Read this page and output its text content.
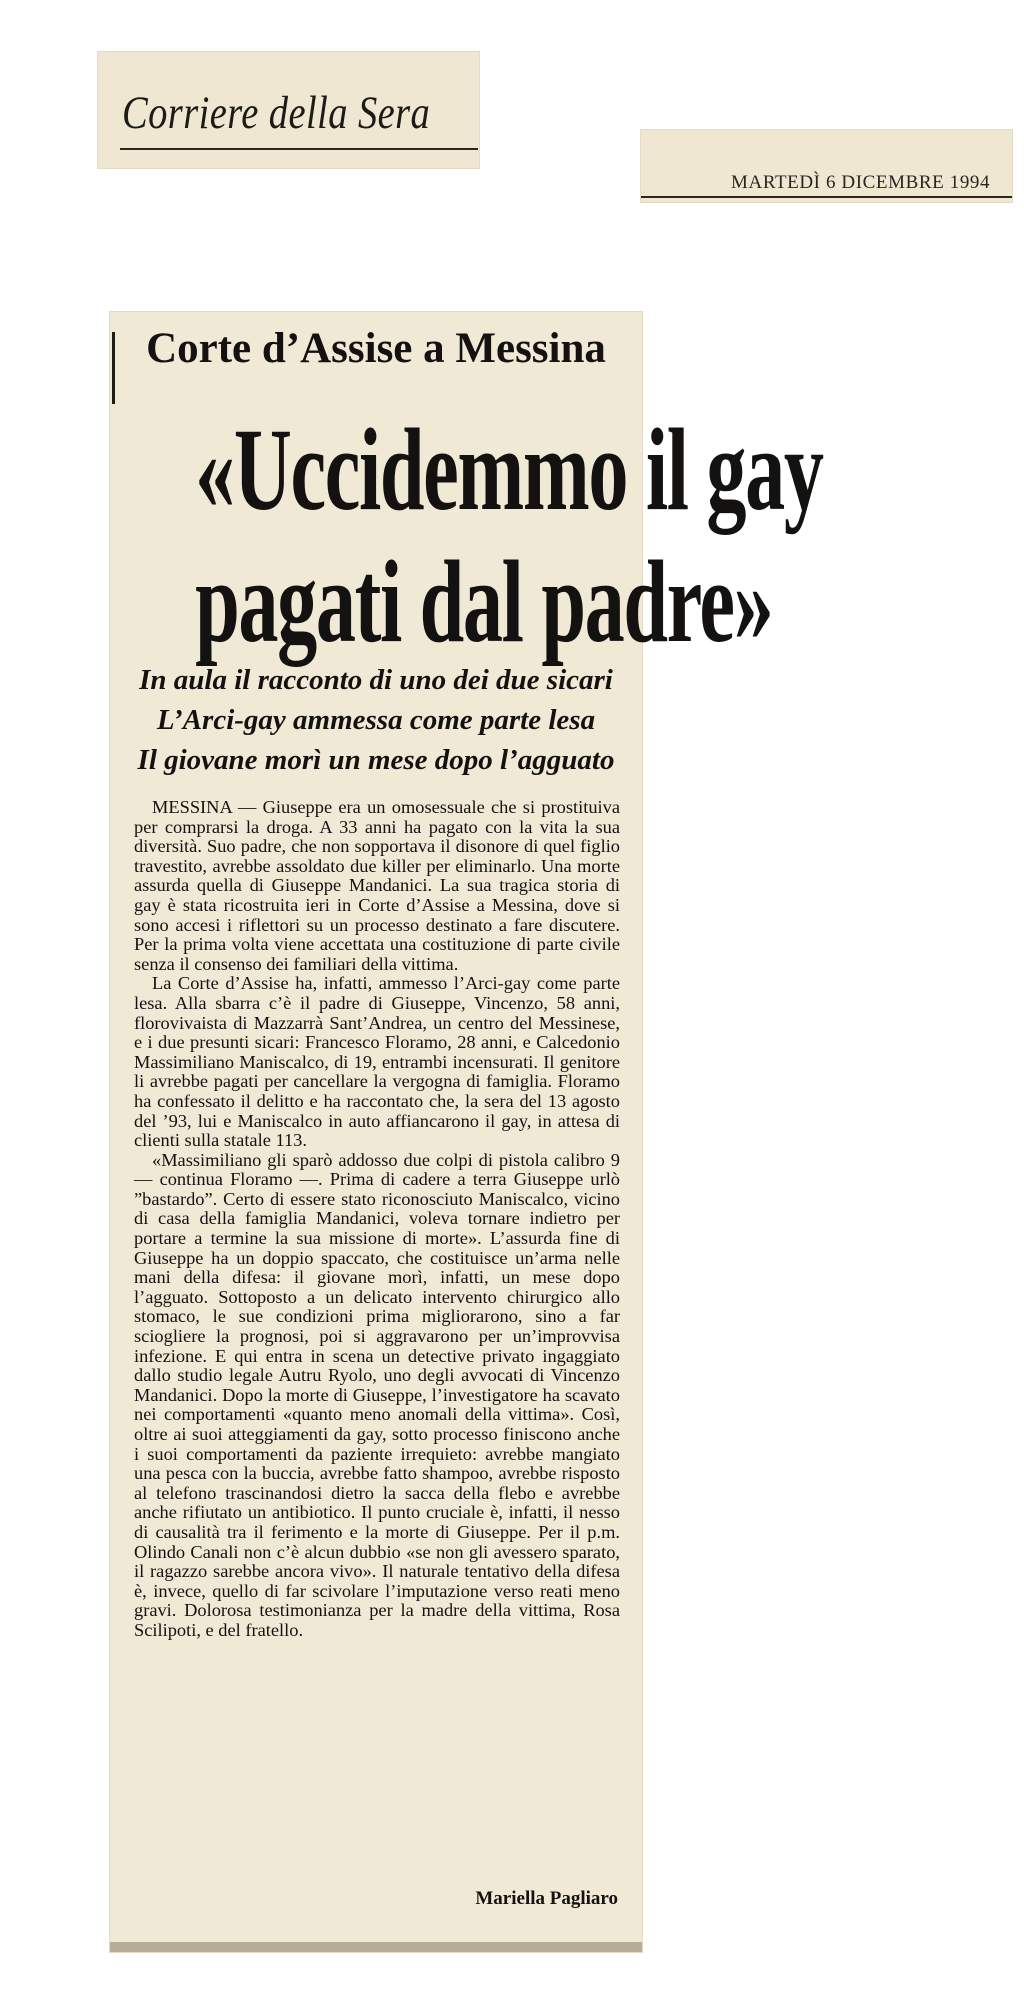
Corriere della Sera
MARTEDÌ 6 DICEMBRE 1994
Corte d’Assise a Messina
«Uccidemmo il gay
pagati dal padre»
In aula il racconto di uno dei due sicari
L’Arci-gay ammessa come parte lesa
Il giovane morì un mese dopo l’agguato

MESSINA — Giuseppe era un omosessuale che si prostituiva per comprarsi la droga. A 33 anni ha pagato con la vita la sua diversità. Suo padre, che non sopportava il disonore di quel figlio travestito, avrebbe assoldato due killer per eliminarlo. Una morte assurda quella di Giuseppe Mandanici. La sua tragica storia di gay è stata ricostruita ieri in Corte d’Assise a Messina, dove si sono accesi i riflettori su un processo destinato a fare discutere. Per la prima volta viene accettata una costituzione di parte civile senza il consenso dei familiari della vittima.

La Corte d’Assise ha, infatti, ammesso l’Arci-gay come parte lesa. Alla sbarra c’è il padre di Giuseppe, Vincenzo, 58 anni, florovivaista di Mazzarrà Sant’Andrea, un centro del Messinese, e i due presunti sicari: Francesco Floramo, 28 anni, e Calcedonio Massimiliano Maniscalco, di 19, entrambi incensurati. Il genitore li avrebbe pagati per cancellare la vergogna di famiglia. Floramo ha confessato il delitto e ha raccontato che, la sera del 13 agosto del ’93, lui e Maniscalco in auto affiancarono il gay, in attesa di clienti sulla statale 113.

«Massimiliano gli sparò addosso due colpi di pistola calibro 9 — continua Floramo —. Prima di cadere a terra Giuseppe urlò ”bastardo”. Certo di essere stato riconosciuto Maniscalco, vicino di casa della famiglia Mandanici, voleva tornare indietro per portare a termine la sua missione di morte». L’assurda fine di Giuseppe ha un doppio spaccato, che costituisce un’arma nelle mani della difesa: il giovane morì, infatti, un mese dopo l’agguato. Sottoposto a un delicato intervento chirurgico allo stomaco, le sue condizioni prima migliorarono, sino a far sciogliere la prognosi, poi si aggravarono per un’improvvisa infezione. E qui entra in scena un detective privato ingaggiato dallo studio legale Autru Ryolo, uno degli avvocati di Vincenzo Mandanici. Dopo la morte di Giuseppe, l’investigatore ha scavato nei comportamenti «quanto meno anomali della vittima». Così, oltre ai suoi atteggiamenti da gay, sotto processo finiscono anche i suoi comportamenti da paziente irrequieto: avrebbe mangiato una pesca con la buccia, avrebbe fatto shampoo, avrebbe risposto al telefono trascinandosi dietro la sacca della flebo e avrebbe anche rifiutato un antibiotico. Il punto cruciale è, infatti, il nesso di causalità tra il ferimento e la morte di Giuseppe. Per il p.m. Olindo Canali non c’è alcun dubbio «se non gli avessero sparato, il ragazzo sarebbe ancora vivo». Il naturale tentativo della difesa è, invece, quello di far scivolare l’imputazione verso reati meno gravi. Dolorosa testimonianza per la madre della vittima, Rosa Scilipoti, e del fratello.

Mariella Pagliaro
